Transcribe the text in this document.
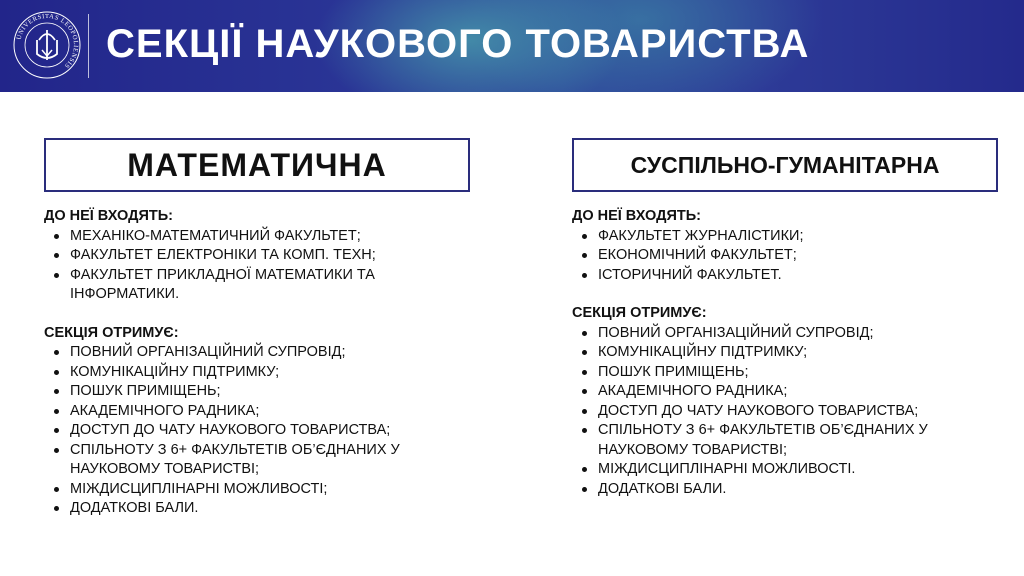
UNIVERSITAS LEOPOLIENSIS СЕКЦІЇ НАУКОВОГО ТОВАРИСТВА
МАТЕМАТИЧНА	СУСПІЛЬНО-ГУМАНІТАРНА

ДО НЕЇ ВХОДЯТЬ:

МЕХАНІКО-МАТЕМАТИЧНИЙ ФАКУЛЬТЕТ;
ФАКУЛЬТЕТ ЕЛЕКТРОНІКИ ТА КОМП. ТЕХН;
ФАКУЛЬТЕТ ПРИКЛАДНОЇ МАТЕМАТИКИ ТА ІНФОРМАТИКИ.

СЕКЦІЯ ОТРИМУЄ:

ПОВНИЙ ОРГАНІЗАЦІЙНИЙ СУПРОВІД;
КОМУНІКАЦІЙНУ ПІДТРИМКУ;
ПОШУК ПРИМІЩЕНЬ;
АКАДЕМІЧНОГО РАДНИКА;
ДОСТУП ДО ЧАТУ НАУКОВОГО ТОВАРИСТВА;
СПІЛЬНОТУ З 6+ ФАКУЛЬТЕТІВ ОБ’ЄДНАНИХ У НАУКОВОМУ ТОВАРИСТВІ;
МІЖДИСЦИПЛІНАРНІ МОЖЛИВОСТІ;
ДОДАТКОВІ БАЛИ.

ДО НЕЇ ВХОДЯТЬ:

ФАКУЛЬТЕТ ЖУРНАЛІСТИКИ;
ЕКОНОМІЧНИЙ ФАКУЛЬТЕТ;
ІСТОРИЧНИЙ ФАКУЛЬТЕТ.

СЕКЦІЯ ОТРИМУЄ:

ПОВНИЙ ОРГАНІЗАЦІЙНИЙ СУПРОВІД;
КОМУНІКАЦІЙНУ ПІДТРИМКУ;
ПОШУК ПРИМІЩЕНЬ;
АКАДЕМІЧНОГО РАДНИКА;
ДОСТУП ДО ЧАТУ НАУКОВОГО ТОВАРИСТВА;
СПІЛЬНОТУ З 6+ ФАКУЛЬТЕТІВ ОБ’ЄДНАНИХ У НАУКОВОМУ ТОВАРИСТВІ;
МІЖДИСЦИПЛІНАРНІ МОЖЛИВОСТІ.
ДОДАТКОВІ БАЛИ.
